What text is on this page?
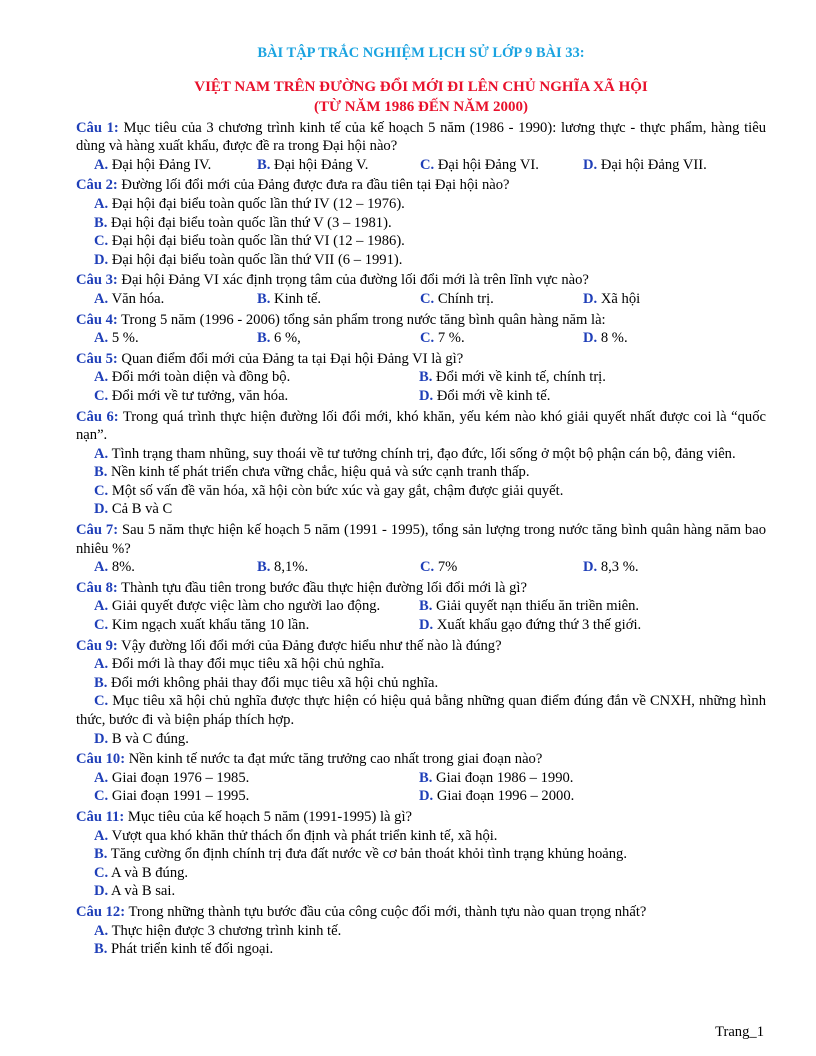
BÀI TẬP TRẮC NGHIỆM LỊCH SỬ LỚP 9 BÀI 33:
VIỆT NAM TRÊN ĐƯỜNG ĐỔI MỚI ĐI LÊN CHỦ NGHĨA XÃ HỘI
(TỪ NĂM 1986 ĐẾN NĂM 2000)
Câu 1: Mục tiêu của 3 chương trình kinh tế của kế hoạch 5 năm (1986 - 1990): lương thực - thực phẩm, hàng tiêu dùng và hàng xuất khẩu, được đề ra trong Đại hội nào?
A. Đại hội Đảng IV.	B. Đại hội Đảng V.	C. Đại hội Đảng VI.	D. Đại hội Đảng VII.
Câu 2: Đường lối đổi mới của Đảng được đưa ra đầu tiên tại Đại hội nào?
A. Đại hội đại biểu toàn quốc lần thứ IV (12 – 1976).
B. Đại hội đại biểu toàn quốc lần thứ V (3 – 1981).
C. Đại hội đại biểu toàn quốc lần thứ VI (12 – 1986).
D. Đại hội đại biểu toàn quốc lần thứ VII (6 – 1991).
Câu 3: Đại hội Đảng VI xác định trọng tâm của đường lối đổi mới là trên lĩnh vực nào?
A. Văn hóa.	B. Kinh tế.	C. Chính trị.	D. Xã hội
Câu 4: Trong 5 năm (1996 - 2006) tổng sản phẩm trong nước tăng bình quân hàng năm là:
A. 5 %.	B. 6 %,	C. 7 %.	D. 8 %.
Câu 5: Quan điểm đổi mới của Đảng ta tại Đại hội Đảng VI là gì?
A. Đổi mới toàn diện và đồng bộ.	B. Đổi mới về kinh tế, chính trị.
C. Đổi mới về tư tưởng, văn hóa.	D. Đổi mới về kinh tế.
Câu 6: Trong quá trình thực hiện đường lối đổi mới, khó khăn, yếu kém nào khó giải quyết nhất được coi là “quốc nạn”.
A. Tình trạng tham nhũng, suy thoái về tư tưởng chính trị, đạo đức, lối sống ở một bộ phận cán bộ, đảng viên.
B. Nền kinh tế phát triển chưa vững chắc, hiệu quả và sức cạnh tranh thấp.
C. Một số vấn đề văn hóa, xã hội còn bức xúc và gay gắt, chậm được giải quyết.
D. Cả B và C
Câu 7: Sau 5 năm thực hiện kế hoạch 5 năm (1991 - 1995), tổng sản lượng trong nước tăng bình quân hàng năm bao nhiêu %?
A. 8%.	B. 8,1%.	C. 7%	D. 8,3 %.
Câu 8: Thành tựu đầu tiên trong bước đầu thực hiện đường lối đổi mới là gì?
A. Giải quyết được việc làm cho người lao động.	B. Giải quyết nạn thiếu ăn triền miên.
C. Kim ngạch xuất khẩu tăng 10 lần.	D. Xuất khẩu gạo đứng thứ 3 thế giới.
Câu 9: Vậy đường lối đổi mới của Đảng được hiểu như thế nào là đúng?
A. Đổi mới là thay đổi mục tiêu xã hội chủ nghĩa.
B. Đổi mới không phải thay đổi mục tiêu xã hội chủ nghĩa.
C. Mục tiêu xã hội chủ nghĩa được thực hiện có hiệu quả bằng những quan điểm đúng đắn về CNXH, những hình thức, bước đi và biện pháp thích hợp.
D. B và C đúng.
Câu 10: Nền kinh tế nước ta đạt mức tăng trưởng cao nhất trong giai đoạn nào?
A. Giai đoạn 1976 – 1985.	B. Giai đoạn 1986 – 1990.
C. Giai đoạn 1991 – 1995.	D. Giai đoạn 1996 – 2000.
Câu 11: Mục tiêu của kế hoạch 5 năm (1991-1995) là gì?
A. Vượt qua khó khăn thử thách ổn định và phát triển kinh tế, xã hội.
B. Tăng cường ổn định chính trị đưa đất nước về cơ bản thoát khỏi tình trạng khủng hoảng.
C. A và B đúng.
D. A và B sai.
Câu 12: Trong những thành tựu bước đầu của công cuộc đổi mới, thành tựu nào quan trọng nhất?
A. Thực hiện được 3 chương trình kinh tế.
B. Phát triển kinh tế đối ngoại.
Trang_1
